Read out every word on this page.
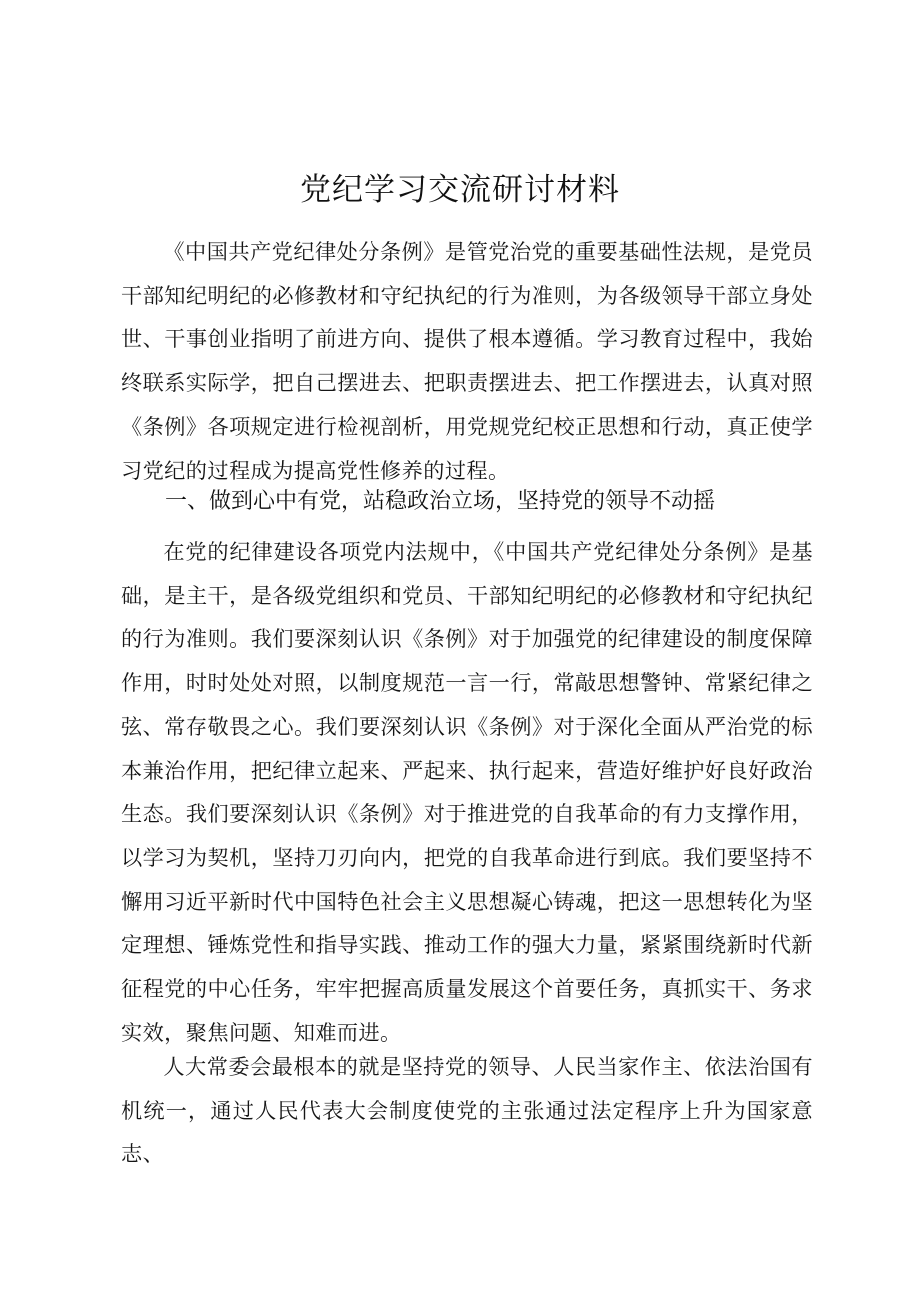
党纪学习交流研讨材料

《中国共产党纪律处分条例》是管党治党的重要基础性法规，是党员干部知纪明纪的必修教材和守纪执纪的行为准则，为各级领导干部立身处世、干事创业指明了前进方向、提供了根本遵循。学习教育过程中，我始终联系实际学，把自己摆进去、把职责摆进去、把工作摆进去，认真对照《条例》各项规定进行检视剖析，用党规党纪校正思想和行动，真正使学习党纪的过程成为提高党性修养的过程。

一、做到心中有党，站稳政治立场，坚持党的领导不动摇

在党的纪律建设各项党内法规中，《中国共产党纪律处分条例》是基础，是主干，是各级党组织和党员、干部知纪明纪的必修教材和守纪执纪的行为准则。我们要深刻认识《条例》对于加强党的纪律建设的制度保障作用，时时处处对照，以制度规范一言一行，常敲思想警钟、常紧纪律之弦、常存敬畏之心。我们要深刻认识《条例》对于深化全面从严治党的标本兼治作用，把纪律立起来、严起来、执行起来，营造好维护好良好政治生态。我们要深刻认识《条例》对于推进党的自我革命的有力支撑作用，以学习为契机，坚持刀刃向内，把党的自我革命进行到底。我们要坚持不懈用习近平新时代中国特色社会主义思想凝心铸魂，把这一思想转化为坚定理想、锤炼党性和指导实践、推动工作的强大力量，紧紧围绕新时代新征程党的中心任务，牢牢把握高质量发展这个首要任务，真抓实干、务求实效，聚焦问题、知难而进。

人大常委会最根本的就是坚持党的领导、人民当家作主、依法治国有机统一，通过人民代表大会制度使党的主张通过法定程序上升为国家意志、
